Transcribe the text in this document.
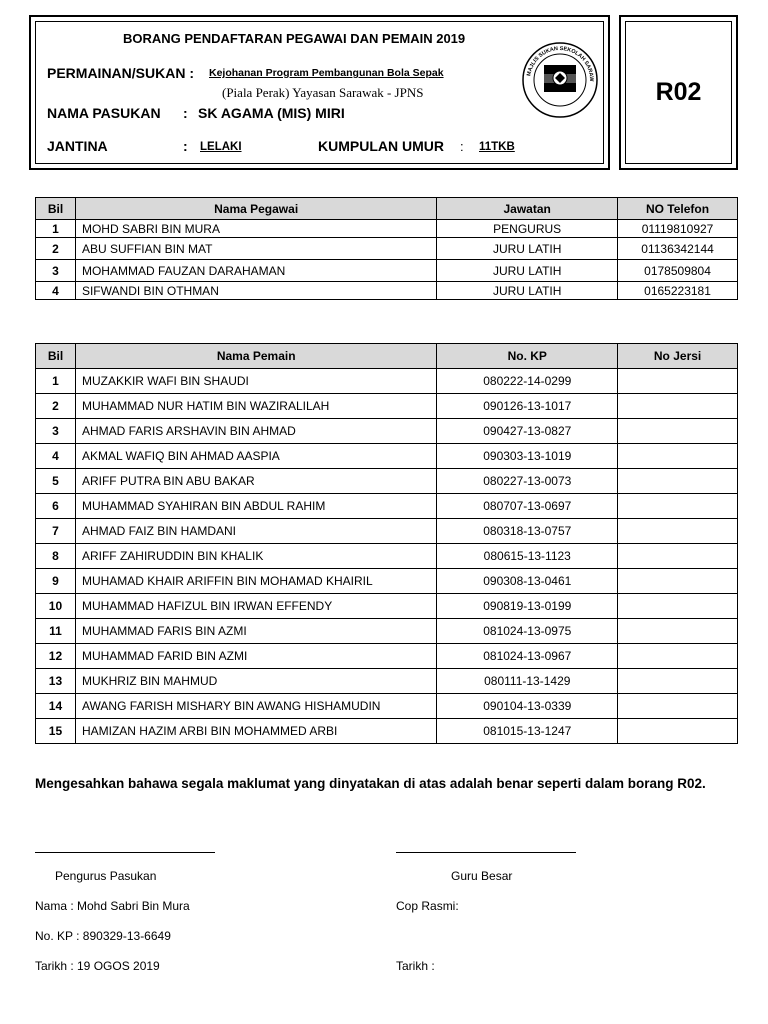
BORANG PENDAFTARAN PEGAWAI DAN PEMAIN 2019
PERMAINAN/SUKAN : Kejohanan Program Pembangunan Bola Sepak
(Piala Perak) Yayasan Sarawak - JPNS
NAMA PASUKAN : SK AGAMA (MIS) MIRI
JANTINA	: LELAKI	KUMPULAN UMUR : 11TKB
MAJLIS SUKAN SEKOLAH SARAW R02
Bil	Nama Pegawai	Jawatan	NO Telefon
1	MOHD SABRI BIN MURA	PENGURUS	01119810927
2	ABU SUFFIAN BIN MAT	JURU LATIH	01136342144
3	MOHAMMAD FAUZAN DARAHAMAN	JURU LATIH	0178509804
4	SIFWANDI BIN OTHMAN	JURU LATIH	0165223181
Bil	Nama Pemain	No. KP	No Jersi
1	MUZAKKIR WAFI BIN SHAUDI	080222-14-0299	
2	MUHAMMAD NUR HATIM BIN WAZIRALILAH	090126-13-1017	
3	AHMAD FARIS ARSHAVIN BIN AHMAD	090427-13-0827	
4	AKMAL WAFIQ BIN AHMAD AASPIA	090303-13-1019	
5	ARIFF PUTRA BIN ABU BAKAR	080227-13-0073	
6	MUHAMMAD SYAHIRAN BIN ABDUL RAHIM	080707-13-0697	
7	AHMAD FAIZ BIN HAMDANI	080318-13-0757	
8	ARIFF ZAHIRUDDIN BIN KHALIK	080615-13-1123	
9	MUHAMAD KHAIR ARIFFIN BIN MOHAMAD KHAIRIL	090308-13-0461	
10	MUHAMMAD HAFIZUL BIN IRWAN EFFENDY	090819-13-0199	
11	MUHAMMAD FARIS BIN AZMI	081024-13-0975	
12	MUHAMMAD FARID BIN AZMI	081024-13-0967	
13	MUKHRIZ BIN MAHMUD	080111-13-1429	
14	AWANG FARISH MISHARY BIN AWANG HISHAMUDIN	090104-13-0339	
15	HAMIZAN HAZIM ARBI BIN MOHAMMED ARBI	081015-13-1247	
Mengesahkan bahawa segala maklumat yang dinyatakan di atas adalah benar seperti dalam borang R02.
Pengurus Pasukan	Guru Besar
Nama : Mohd Sabri Bin Mura	Cop Rasmi:
No. KP : 890329-13-6649
Tarikh : 19 OGOS 2019	Tarikh :
